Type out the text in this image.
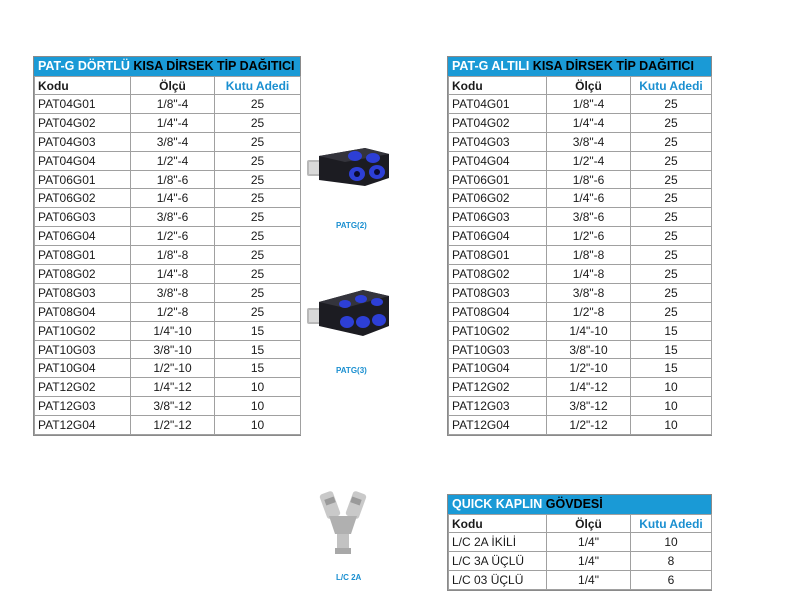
PAT-G DÖRTLÜ KISA DİRSEK TİP DAĞITICI
Kodu	Ölçü	Kutu Adedi
PAT04G01	1/8"-4	25
PAT04G02	1/4"-4	25
PAT04G03	3/8"-4	25
PAT04G04	1/2"-4	25
PAT06G01	1/8"-6	25
PAT06G02	1/4"-6	25
PAT06G03	3/8"-6	25
PAT06G04	1/2"-6	25
PAT08G01	1/8"-8	25
PAT08G02	1/4"-8	25
PAT08G03	3/8"-8	25
PAT08G04	1/2"-8	25
PAT10G02	1/4"-10	15
PAT10G03	3/8"-10	15
PAT10G04	1/2"-10	15
PAT12G02	1/4"-12	10
PAT12G03	3/8"-12	10
PAT12G04	1/2"-12	10
PAT-G ALTILI KISA DİRSEK TİP DAĞITICI
Kodu	Ölçü	Kutu Adedi
PAT04G01	1/8"-4	25
PAT04G02	1/4"-4	25
PAT04G03	3/8"-4	25
PAT04G04	1/2"-4	25
PAT06G01	1/8"-6	25
PAT06G02	1/4"-6	25
PAT06G03	3/8"-6	25
PAT06G04	1/2"-6	25
PAT08G01	1/8"-8	25
PAT08G02	1/4"-8	25
PAT08G03	3/8"-8	25
PAT08G04	1/2"-8	25
PAT10G02	1/4"-10	15
PAT10G03	3/8"-10	15
PAT10G04	1/2"-10	15
PAT12G02	1/4"-12	10
PAT12G03	3/8"-12	10
PAT12G04	1/2"-12	10
QUICK KAPLIN GÖVDESİ
Kodu	Ölçü	Kutu Adedi
L/C 2A İKİLİ	1/4"	10
L/C 3A ÜÇLÜ	1/4"	8
L/C 03 ÜÇLÜ	1/4"	6
PATG(2)
PATG(3)
L/C 2A
